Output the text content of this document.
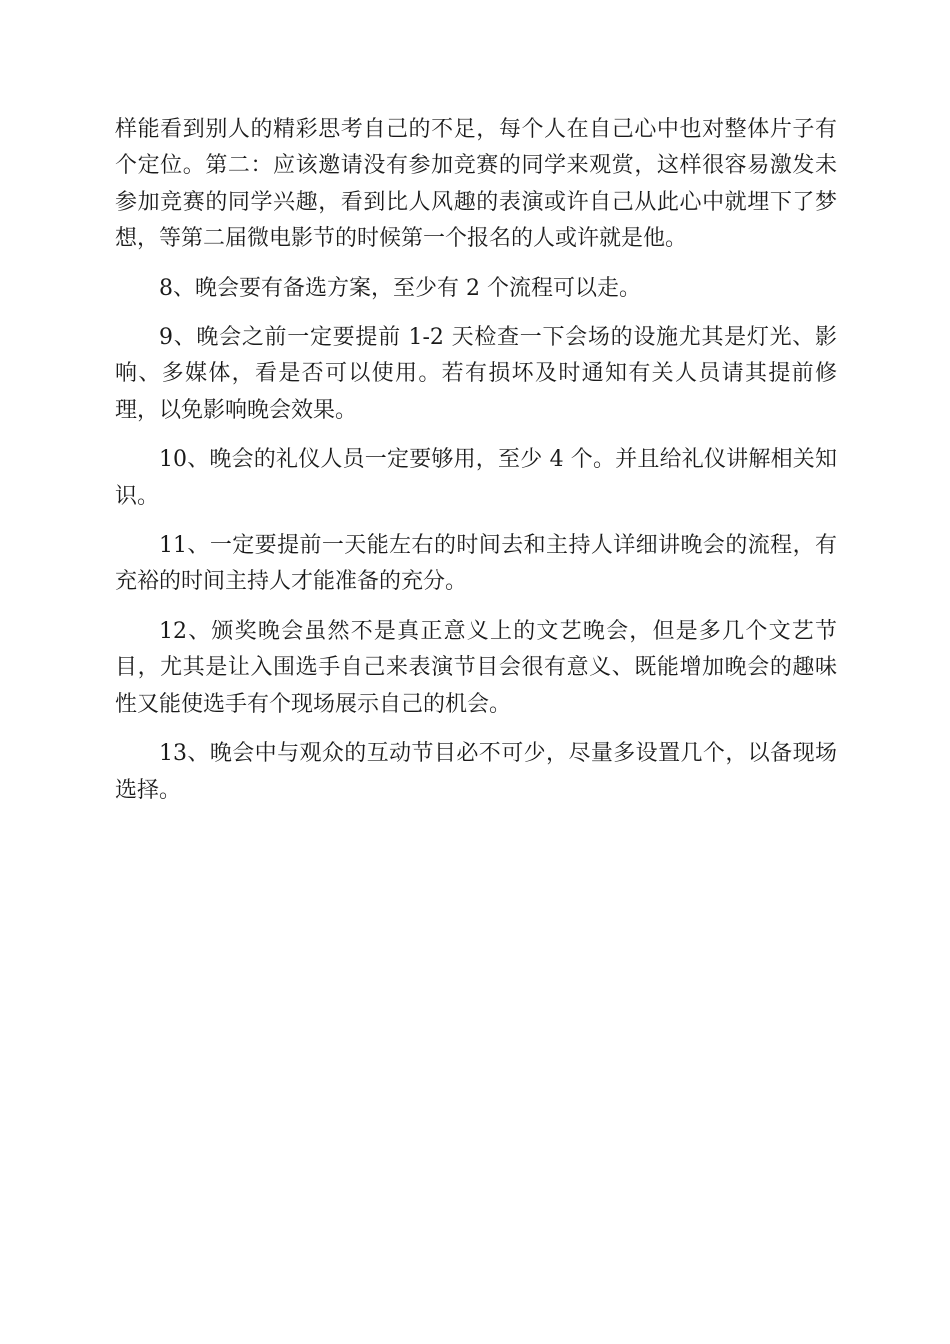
样能看到别人的精彩思考自己的不足，每个人在自己心中也对整体片子有个定位。第二：应该邀请没有参加竞赛的同学来观赏，这样很容易激发未参加竞赛的同学兴趣，看到比人风趣的表演或许自己从此心中就埋下了梦想，等第二届微电影节的时候第一个报名的人或许就是他。

8、晚会要有备选方案，至少有 2 个流程可以走。

9、晚会之前一定要提前 1-2 天检查一下会场的设施尤其是灯光、影响、多媒体，看是否可以使用。若有损坏及时通知有关人员请其提前修理，以免影响晚会效果。

10、晚会的礼仪人员一定要够用，至少 4 个。并且给礼仪讲解相关知识。

11、一定要提前一天能左右的时间去和主持人详细讲晚会的流程，有充裕的时间主持人才能准备的充分。

12、颁奖晚会虽然不是真正意义上的文艺晚会，但是多几个文艺节目，尤其是让入围选手自己来表演节目会很有意义、既能增加晚会的趣味性又能使选手有个现场展示自己的机会。

13、晚会中与观众的互动节目必不可少，尽量多设置几个，以备现场选择。
